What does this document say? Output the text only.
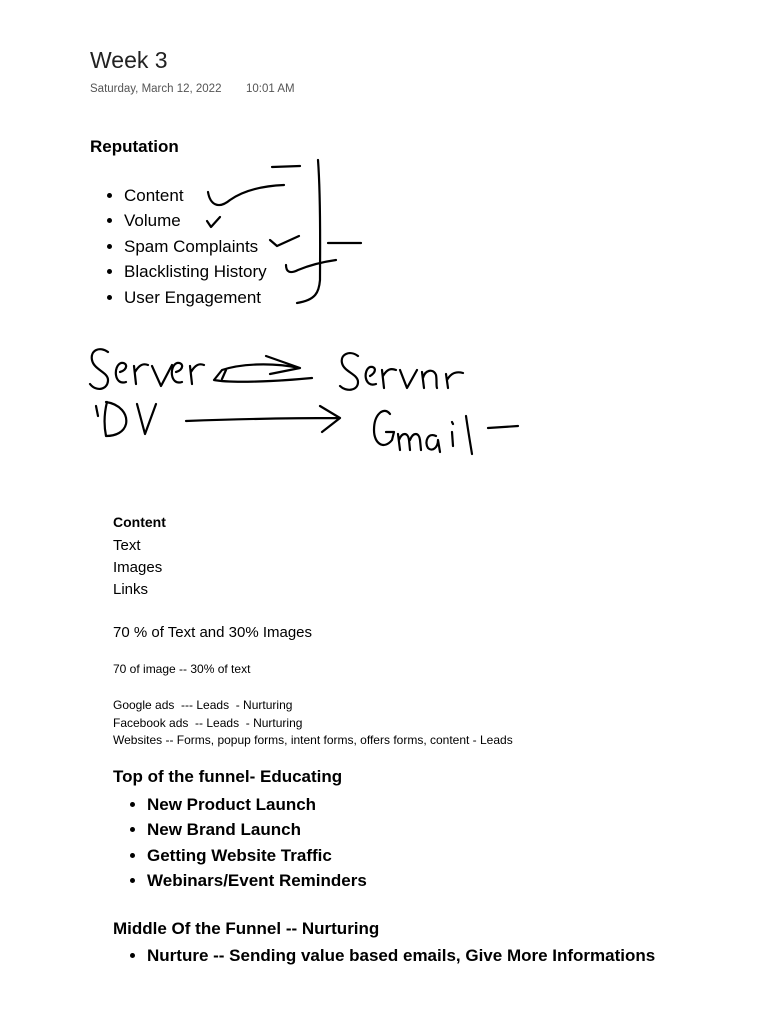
Week 3
Saturday, March 12, 2022 10:01 AM
Reputation
• Content
• Volume
• Spam Complaints
• Blacklisting History
• User Engagement
Content
Text
Images
Links
70 % of Text and 30% Images
70 of image -- 30% of text
Google ads  --- Leads  - Nurturing
Facebook ads  -- Leads  - Nurturing
Websites -- Forms, popup forms, intent forms, offers forms, content - Leads
Top of the funnel- Educating
• New Product Launch
• New Brand Launch
• Getting Website Traffic
• Webinars/Event Reminders
Middle Of the Funnel -- Nurturing
• Nurture -- Sending value based emails, Give More Informations
